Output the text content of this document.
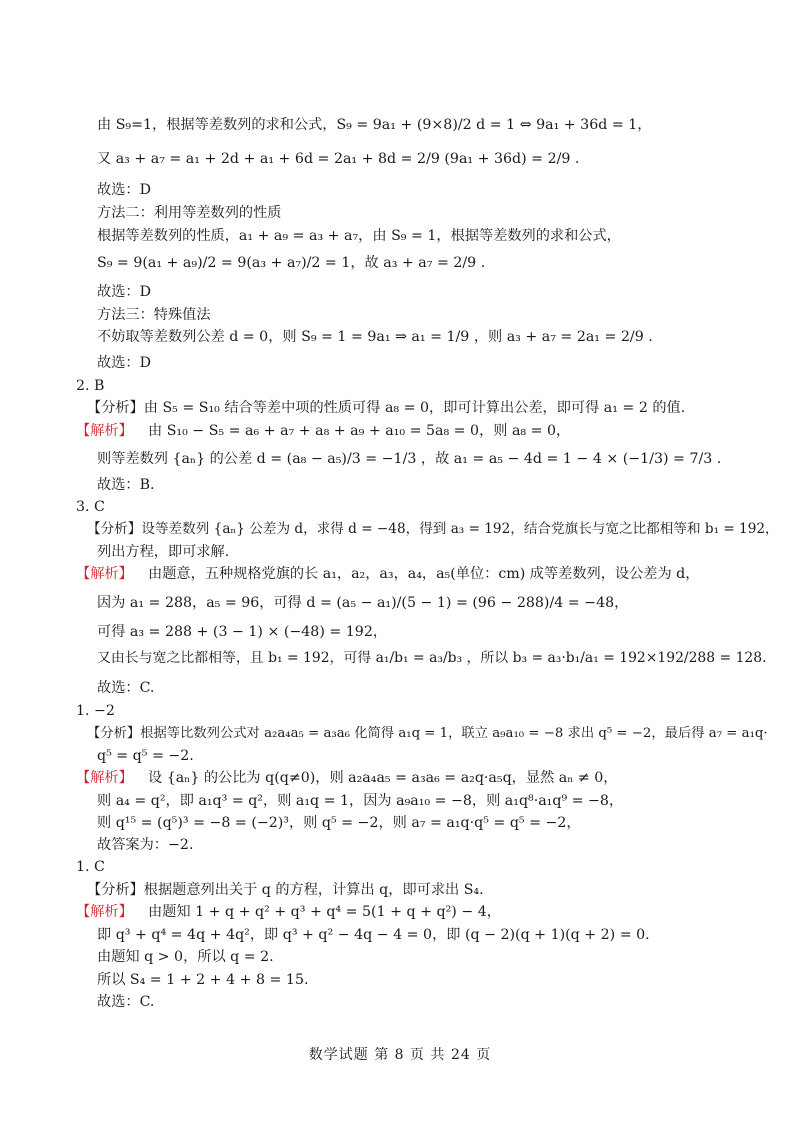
由 S₉=1，根据等差数列的求和公式，S₉ = 9a₁ + (9×8)/2 d = 1 ⇔ 9a₁ + 36d = 1，
又 a₃ + a₇ = a₁ + 2d + a₁ + 6d = 2a₁ + 8d = 2/9 (9a₁ + 36d) = 2/9 .
故选：D
方法二：利用等差数列的性质
根据等差数列的性质，a₁ + a₉ = a₃ + a₇，由 S₉ = 1，根据等差数列的求和公式，
S₉ = 9(a₁ + a₉)/2 = 9(a₃ + a₇)/2 = 1，故 a₃ + a₇ = 2/9 .
故选：D
方法三：特殊值法
不妨取等差数列公差 d = 0，则 S₉ = 1 = 9a₁ ⇒ a₁ = 1/9 ，则 a₃ + a₇ = 2a₁ = 2/9 .
故选：D
2. B
【分析】由 S₅ = S₁₀ 结合等差中项的性质可得 a₈ = 0，即可计算出公差，即可得 a₁ = 2 的值.
【解析】 由 S₁₀ − S₅ = a₆ + a₇ + a₈ + a₉ + a₁₀ = 5a₈ = 0，则 a₈ = 0，
则等差数列 {aₙ} 的公差 d = (a₈ − a₅)/3 = −1/3 ，故 a₁ = a₅ − 4d = 1 − 4 × (−1/3) = 7/3 .
故选：B.
3. C
【分析】设等差数列 {aₙ} 公差为 d，求得 d = −48，得到 a₃ = 192，结合党旗长与宽之比都相等和 b₁ = 192，
列出方程，即可求解.
【解析】 由题意，五种规格党旗的长 a₁，a₂，a₃，a₄，a₅(单位：cm) 成等差数列，设公差为 d，
因为 a₁ = 288，a₅ = 96，可得 d = (a₅ − a₁)/(5 − 1) = (96 − 288)/4 = −48，
可得 a₃ = 288 + (3 − 1) × (−48) = 192，
又由长与宽之比都相等，且 b₁ = 192，可得 a₁/b₁ = a₃/b₃ ，所以 b₃ = a₃·b₁/a₁ = 192×192/288 = 128.
故选：C.
1. −2
【分析】根据等比数列公式对 a₂a₄a₅ = a₃a₆ 化简得 a₁q = 1，联立 a₉a₁₀ = −8 求出 q⁵ = −2，最后得 a₇ = a₁q·
q⁵ = q⁵ = −2.
【解析】 设 {aₙ} 的公比为 q(q≠0)，则 a₂a₄a₅ = a₃a₆ = a₂q·a₅q，显然 aₙ ≠ 0，
则 a₄ = q²，即 a₁q³ = q²，则 a₁q = 1，因为 a₉a₁₀ = −8，则 a₁q⁸·a₁q⁹ = −8，
则 q¹⁵ = (q⁵)³ = −8 = (−2)³，则 q⁵ = −2，则 a₇ = a₁q·q⁵ = q⁵ = −2，
故答案为：−2.
1. C
【分析】根据题意列出关于 q 的方程，计算出 q，即可求出 S₄.
【解析】 由题知 1 + q + q² + q³ + q⁴ = 5(1 + q + q²) − 4，
即 q³ + q⁴ = 4q + 4q²，即 q³ + q² − 4q − 4 = 0，即 (q − 2)(q + 1)(q + 2) = 0.
由题知 q > 0，所以 q = 2.
所以 S₄ = 1 + 2 + 4 + 8 = 15.
故选：C.
数学试题 第 8 页 共 24 页
